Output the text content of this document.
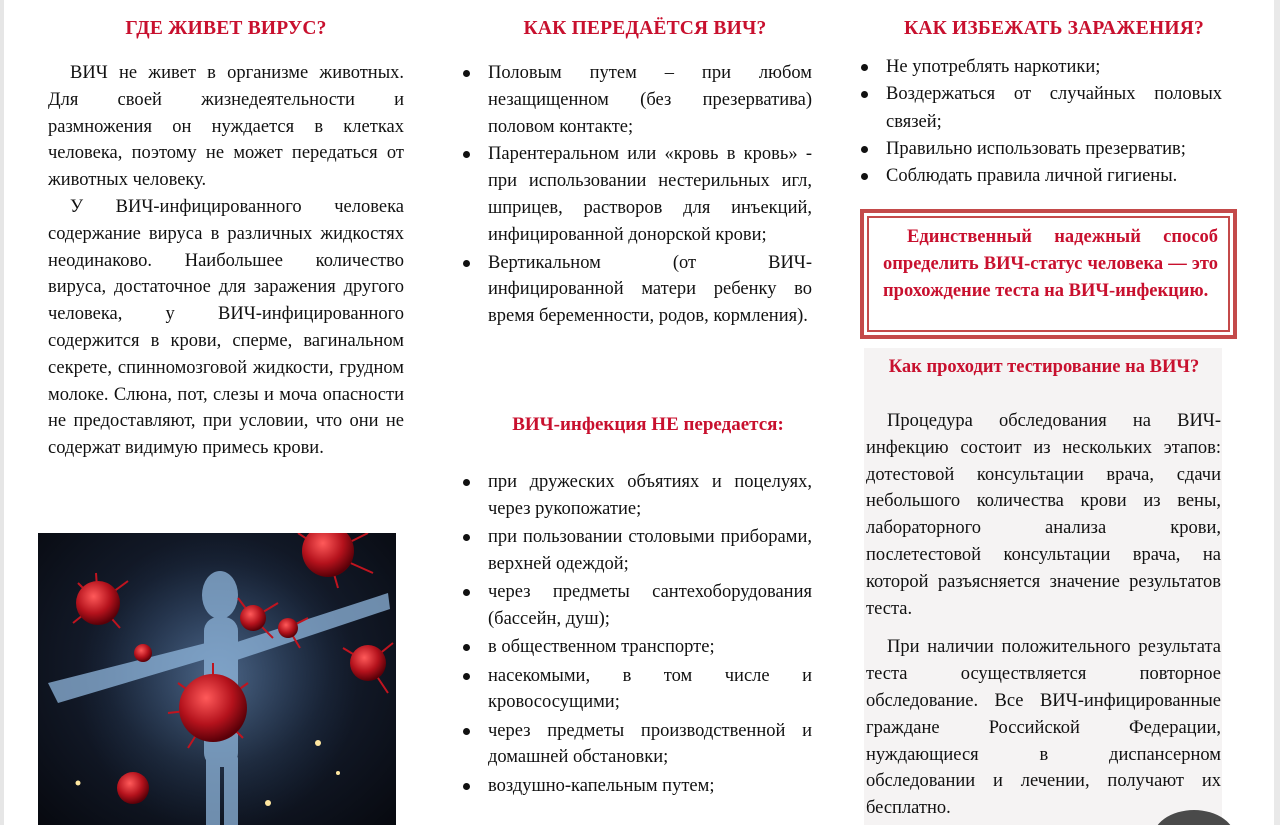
ГДЕ ЖИВЕТ ВИРУС?

ВИЧ не живет в организме животных. Для своей жизнедеятельности и размножения он нуждается в клетках человека, поэтому не может передаться от животных человеку.

У ВИЧ-инфицированного человека содержание вируса в различных жидкостях неодинаково. Наибольшее количество вируса, достаточное для заражения другого человека, у ВИЧ-инфицированного содержится в крови, сперме, вагинальном секрете, спинномозговой жидкости, грудном молоке. Слюна, пот, слезы и моча опасности не предоставляют, при условии, что они не содержат видимую примесь крови.

КАК ПЕРЕДАЁТСЯ ВИЧ?
Половым путем – при любом незащищенном (без презерватива) половом контакте;
Парентеральном или «кровь в кровь» - при использовании нестерильных игл, шприцев, растворов для инъекций, инфицированной донорской крови;
Вертикальном (от ВИЧ-инфицированной матери ребенку во время беременности, родов, кормления).
ВИЧ-инфекция НЕ передается:
при дружеских объятиях и поцелуях, через рукопожатие;
при пользовании столовыми приборами, верхней одеждой;
через предметы сантехоборудования (бассейн, душ);
в общественном транспорте;
насекомыми, в том числе и кровососущими;
через предметы производственной и домашней обстановки;
воздушно-капельным путем;
КАК ИЗБЕЖАТЬ ЗАРАЖЕНИЯ?
Не употреблять наркотики;
Воздержаться от случайных половых связей;
Правильно использовать презерватив;
Соблюдать правила личной гигиены.

Единственный надежный способ определить ВИЧ-статус человека — это прохождение теста на ВИЧ-инфекцию.

Как проходит тестирование на ВИЧ?

Процедура обследования на ВИЧ-инфекцию состоит из нескольких этапов: дотестовой консультации врача, сдачи небольшого количества крови из вены, лабораторного анализа крови, послетестовой консультации врача, на которой разъясняется значение результатов теста.

При наличии положительного результата теста осуществляется повторное обследование. Все ВИЧ-инфицированные граждане Российской Федерации, нуждающиеся в диспансерном обследовании и лечении, получают их бесплатно.
